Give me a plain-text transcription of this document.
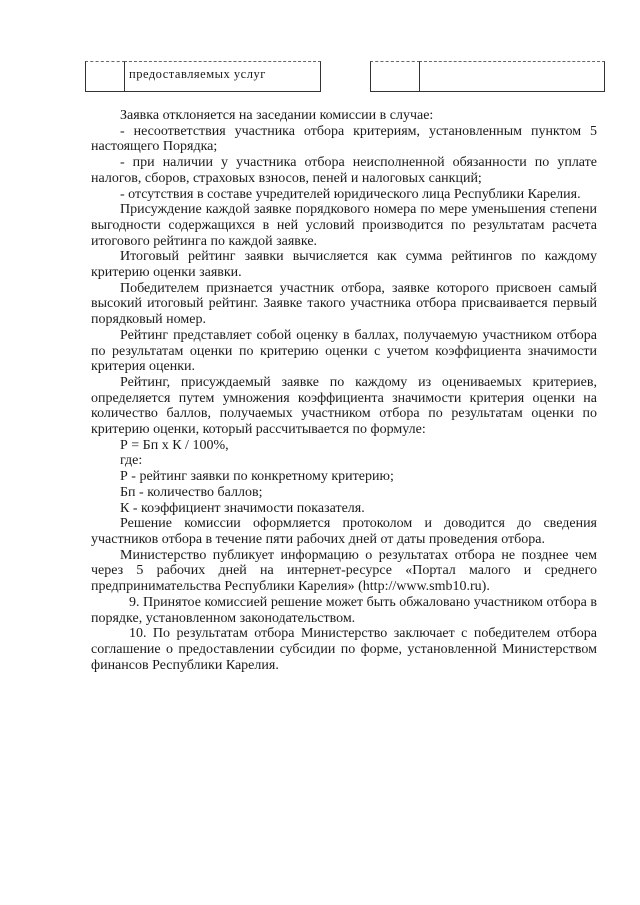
предоставляемых услуг

Заявка отклоняется на заседании комиссии в случае:

- несоответствия участника отбора критериям, установленным пунктом 5 настоящего Порядка;

- при наличии у участника отбора неисполненной обязанности по уплате налогов, сборов, страховых взносов, пеней и налоговых санкций;

- отсутствия в составе учредителей юридического лица Республики Карелия.

Присуждение каждой заявке порядкового номера по мере уменьшения степени выгодности содержащихся в ней условий производится по результатам расчета итогового рейтинга по каждой заявке.

Итоговый рейтинг заявки вычисляется как сумма рейтингов по каждому критерию оценки заявки.

Победителем признается участник отбора, заявке которого присвоен самый высокий итоговый рейтинг. Заявке такого участника отбора присваивается первый порядковый номер.

Рейтинг представляет собой оценку в баллах, получаемую участником отбора по результатам оценки по критерию оценки с учетом коэффициента значимости критерия оценки.

Рейтинг, присуждаемый заявке по каждому из оцениваемых критериев, определяется путем умножения коэффициента значимости критерия оценки на количество баллов, получаемых участником отбора по результатам оценки по критерию оценки, который рассчитывается по формуле:

Р = Бп х К / 100%,

где:

Р - рейтинг заявки по конкретному критерию;

Бп - количество баллов;

К - коэффициент значимости показателя.

Решение комиссии оформляется протоколом и доводится до сведения участников отбора в течение пяти рабочих дней от даты проведения отбора.

Министерство публикует информацию о результатах отбора не позднее чем через 5 рабочих дней на интернет-ресурсе «Портал малого и среднего предпринимательства Республики Карелия» (http://www.smb10.ru).

9. Принятое комиссией решение может быть обжаловано участником отбора в порядке, установленном законодательством.

10. По результатам отбора Министерство заключает с победителем отбора соглашение о предоставлении субсидии по форме, установленной Министерством финансов Республики Карелия.
